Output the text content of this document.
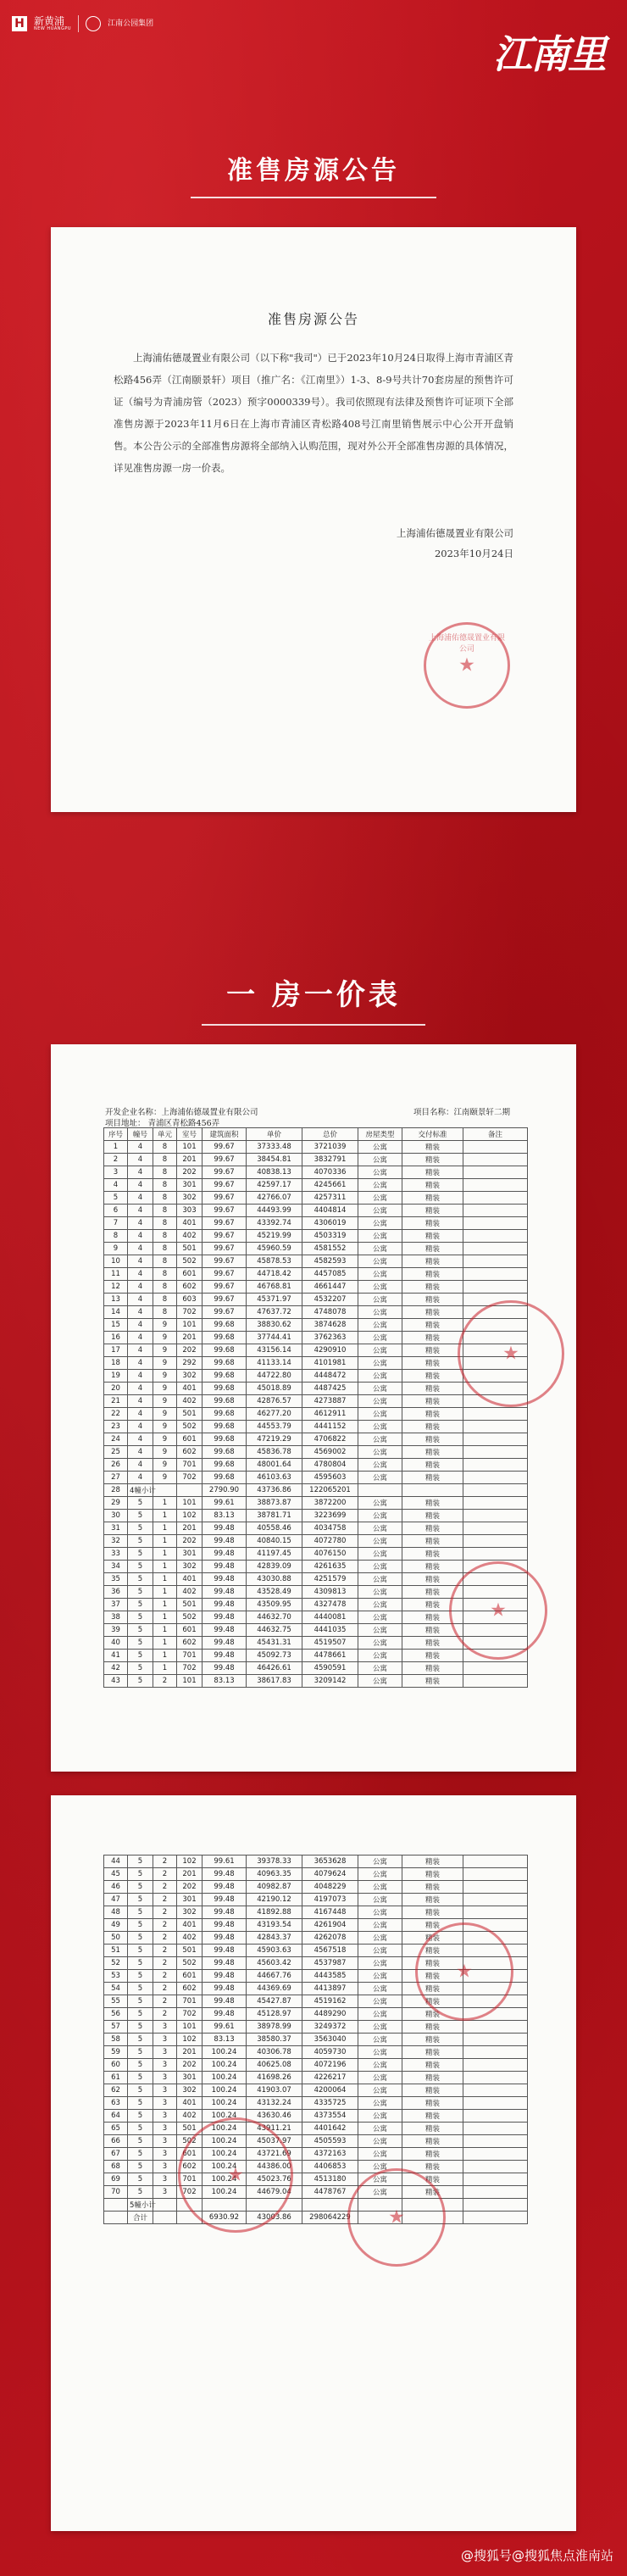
H 新黄浦
NEW HUANGPU
江南公园集团
江南里
准售房源公告
准售房源公告
上海浦佑德晟置业有限公司（以下称"我司"）已于2023年10月24日取得上海市青浦区青松路456弄（江南颐景轩）项目（推广名：《江南里》）1-3、8-9号共计70套房屋的预售许可证（编号为青浦房管（2023）预字0000339号）。我司依照现有法律及预售许可证项下全部准售房源于2023年11月6日在上海市青浦区青松路408号江南里销售展示中心公开开盘销售。本公告公示的全部准售房源将全部纳入认购范围，现对外公开全部准售房源的具体情况，详见准售房源一房一价表。
上海浦佑德晟置业有限公司
2023年10月24日
上海浦佑德晟置业有限公司
★
一 房一价表
开发企业名称：上海浦佑德晟置业有限公司
项目地址： 青浦区青松路456弄
项目名称：江南颐景轩二期
序号	幢号	单元	室号	建筑面积	单价	总价	房屋类型	交付标准	备注
1	4	8	101	99.67	37333.48	3721039	公寓	精装	
2	4	8	201	99.67	38454.81	3832791	公寓	精装	
3	4	8	202	99.67	40838.13	4070336	公寓	精装	
4	4	8	301	99.67	42597.17	4245661	公寓	精装	
5	4	8	302	99.67	42766.07	4257311	公寓	精装	
6	4	8	303	99.67	44493.99	4404814	公寓	精装	
7	4	8	401	99.67	43392.74	4306019	公寓	精装	
8	4	8	402	99.67	45219.99	4503319	公寓	精装	
9	4	8	501	99.67	45960.59	4581552	公寓	精装	
10	4	8	502	99.67	45878.53	4582593	公寓	精装	
11	4	8	601	99.67	44718.42	4457085	公寓	精装	
12	4	8	602	99.67	46768.81	4661447	公寓	精装	
13	4	8	603	99.67	45371.97	4532207	公寓	精装	
14	4	8	702	99.67	47637.72	4748078	公寓	精装	
15	4	9	101	99.68	38830.62	3874628	公寓	精装	
16	4	9	201	99.68	37744.41	3762363	公寓	精装	
17	4	9	202	99.68	43156.14	4290910	公寓	精装	
18	4	9	292	99.68	41133.14	4101981	公寓	精装	
19	4	9	302	99.68	44722.80	4448472	公寓	精装	
20	4	9	401	99.68	45018.89	4487425	公寓	精装	
21	4	9	402	99.68	42876.57	4273887	公寓	精装	
22	4	9	501	99.68	46277.20	4612911	公寓	精装	
23	4	9	502	99.68	44553.79	4441152	公寓	精装	
24	4	9	601	99.68	47219.29	4706822	公寓	精装	
25	4	9	602	99.68	45836.78	4569002	公寓	精装	
26	4	9	701	99.68	48001.64	4780804	公寓	精装	
27	4	9	702	99.68	46103.63	4595603	公寓	精装	
28	4幢小计			2790.90	43736.86	122065201			
29	5	1	101	99.61	38873.87	3872200	公寓	精装	
30	5	1	102	83.13	38781.71	3223699	公寓	精装	
31	5	1	201	99.48	40558.46	4034758	公寓	精装	
32	5	1	202	99.48	40840.15	4072780	公寓	精装	
33	5	1	301	99.48	41197.45	4076150	公寓	精装	
34	5	1	302	99.48	42839.09	4261635	公寓	精装	
35	5	1	401	99.48	43030.88	4251579	公寓	精装	
36	5	1	402	99.48	43528.49	4309813	公寓	精装	
37	5	1	501	99.48	43509.95	4327478	公寓	精装	
38	5	1	502	99.48	44632.70	4440081	公寓	精装	
39	5	1	601	99.48	44632.75	4441035	公寓	精装	
40	5	1	602	99.48	45431.31	4519507	公寓	精装	
41	5	1	701	99.48	45092.73	4478661	公寓	精装	
42	5	1	702	99.48	46426.61	4590591	公寓	精装	
43	5	2	101	83.13	38617.83	3209142	公寓	精装	
★
★
44	5	2	102	99.61	39378.33	3653628	公寓	精装	
45	5	2	201	99.48	40963.35	4079624	公寓	精装	
46	5	2	202	99.48	40982.87	4048229	公寓	精装	
47	5	2	301	99.48	42190.12	4197073	公寓	精装	
48	5	2	302	99.48	41892.88	4167448	公寓	精装	
49	5	2	401	99.48	43193.54	4261904	公寓	精装	
50	5	2	402	99.48	42843.37	4262078	公寓	精装	
51	5	2	501	99.48	45903.63	4567518	公寓	精装	
52	5	2	502	99.48	45603.42	4537987	公寓	精装	
53	5	2	601	99.48	44667.76	4443585	公寓	精装	
54	5	2	602	99.48	44369.69	4413897	公寓	精装	
55	5	2	701	99.48	45427.87	4519162	公寓	精装	
56	5	2	702	99.48	45128.97	4489290	公寓	精装	
57	5	3	101	99.61	38978.99	3249372	公寓	精装	
58	5	3	102	83.13	38580.37	3563040	公寓	精装	
59	5	3	201	100.24	40306.78	4059730	公寓	精装	
60	5	3	202	100.24	40625.08	4072196	公寓	精装	
61	5	3	301	100.24	41698.26	4226217	公寓	精装	
62	5	3	302	100.24	41903.07	4200064	公寓	精装	
63	5	3	401	100.24	43132.24	4335725	公寓	精装	
64	5	3	402	100.24	43630.46	4373554	公寓	精装	
65	5	3	501	100.24	43911.21	4401642	公寓	精装	
66	5	3	502	100.24	45037.97	4505593	公寓	精装	
67	5	3	601	100.24	43721.69	4372163	公寓	精装	
68	5	3	602	100.24	44386.00	4406853	公寓	精装	
69	5	3	701	100.24	45023.76	4513180	公寓	精装	
70	5	3	702	100.24	44679.04	4478767	公寓	精装	
	5幢小计								
	合计			6930.92	43003.86	298064229			
★
★
★
@搜狐号@搜狐焦点淮南站
